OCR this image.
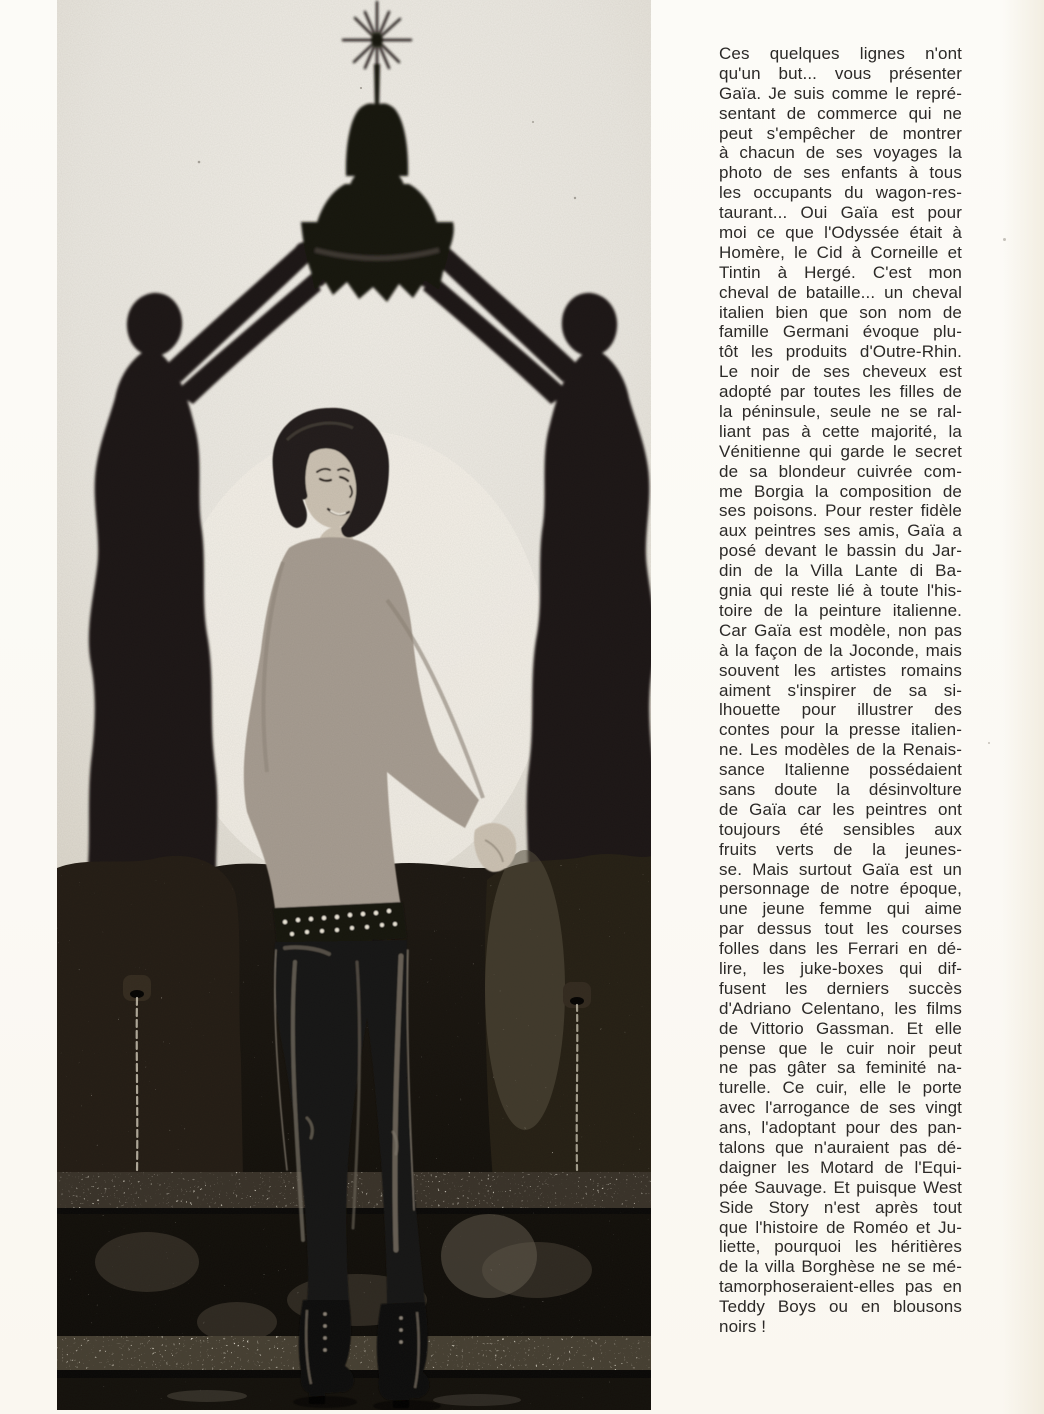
Ces quelques lignes n'ont
qu'un but... vous présenter
Gaïa. Je suis comme le repré-
sentant de commerce qui ne
peut s'empêcher de montrer
à chacun de ses voyages la
photo de ses enfants à tous
les occupants du wagon-res-
taurant... Oui Gaïa est pour
moi ce que l'Odyssée était à
Homère, le Cid à Corneille et
Tintin à Hergé. C'est mon
cheval de bataille... un cheval
italien bien que son nom de
famille Germani évoque plu-
tôt les produits d'Outre-Rhin.
Le noir de ses cheveux est
adopté par toutes les filles de
la péninsule, seule ne se ral-
liant pas à cette majorité, la
Vénitienne qui garde le secret
de sa blondeur cuivrée com-
me Borgia la composition de
ses poisons. Pour rester fidèle
aux peintres ses amis, Gaïa a
posé devant le bassin du Jar-
din de la Villa Lante di Ba-
gnia qui reste lié à toute l'his-
toire de la peinture italienne.
Car Gaïa est modèle, non pas
à la façon de la Joconde, mais
souvent les artistes romains
aiment s'inspirer de sa si-
lhouette pour illustrer des
contes pour la presse italien-
ne. Les modèles de la Renais-
sance Italienne possédaient
sans doute la désinvolture
de Gaïa car les peintres ont
toujours été sensibles aux
fruits verts de la jeunes-
se. Mais surtout Gaïa est un
personnage de notre époque,
une jeune femme qui aime
par dessus tout les courses
folles dans les Ferrari en dé-
lire, les juke-boxes qui dif-
fusent les derniers succès
d'Adriano Celentano, les films
de Vittorio Gassman. Et elle
pense que le cuir noir peut
ne pas gâter sa feminité na-
turelle. Ce cuir, elle le porte
avec l'arrogance de ses vingt
ans, l'adoptant pour des pan-
talons que n'auraient pas dé-
daigner les Motard de l'Equi-
pée Sauvage. Et puisque West
Side Story n'est après tout
que l'histoire de Roméo et Ju-
liette, pourquoi les héritières
de la villa Borghèse ne se mé-
tamorphoseraient-elles pas en
Teddy Boys ou en blousons
noirs !
